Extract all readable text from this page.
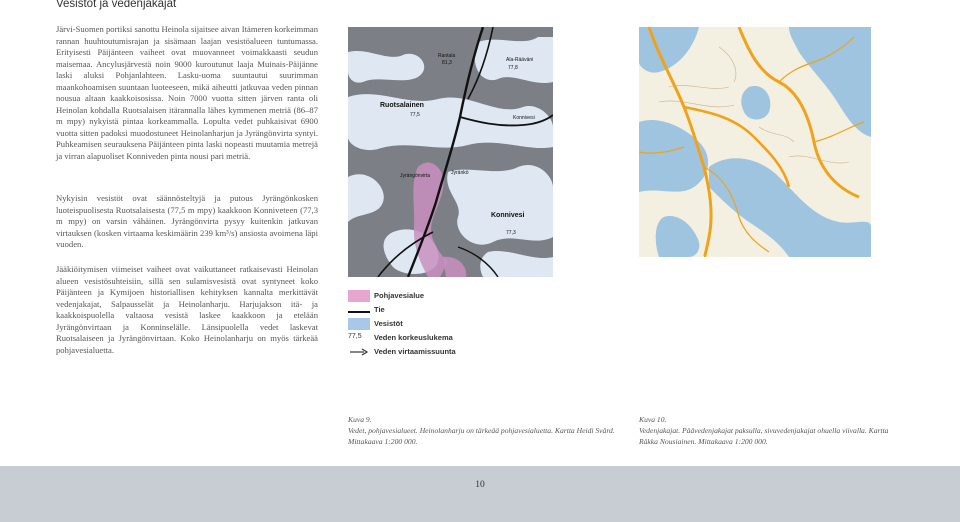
Vesistöt ja vedenjakajat

Järvi-Suomen portiksi sanottu Heinola sijaitsee aivan Itämeren korkeimman rannan huuhtoutumisrajan ja sisämaan laajan vesistöalueen tuntumassa. Erityisesti Päijänteen vaiheet ovat muovanneet voimakkaasti seudun maisemaa. Ancylusjärvestä noin 9000 kuroutunut laaja Muinais-Päijänne laski aluksi Pohjanlahteen. Lasku-uoma suuntautui suurimman maankohoamisen suuntaan luoteeseen, mikä aiheutti jatkuvaa veden pinnan nousua altaan kaakkoisosissa. Noin 7000 vuotta sitten järven ranta oli Heinolan kohdalla Ruotsalaisen itärannalla lähes kymmenen metriä (86–87 m mpy) nykyistä pintaa korkeammalla. Lopulta vedet puhkaisivat 6900 vuotta sitten padoksi muodostuneet Heinolanharjun ja Jyrängönvirta syntyi. Puhkeamisen seurauksena Päijänteen pinta laski nopeasti muutamia metrejä ja virran alapuoliset Konniveden pinta nousi pari metriä.

Nykyisin vesistöt ovat säännösteltyjä ja putous Jyrängönkosken luoteispuolisesta Ruotsalaisesta (77,5 m mpy) kaakkoon Konniveteen (77,3 m mpy) on varsin vähäinen. Jyrängönvirta pysyy kuitenkin jatkuvan virtauksen (kosken virtaama keskimäärin 239 km³/s) ansiosta avoimena läpi vuoden.

Jääkiöitymisen viimeiset vaiheet ovat vaikuttaneet ratkaisevasti Heinolan alueen vesistösuhteisiin, sillä sen sulamisvesistä ovat syntyneet koko Päijänteen ja Kymijoen historiallisen kehityksen kannalta merkittävät vedenjakajat, Salpausselät ja Heinolanharju. Harjujakson itä- ja kaakkoispuolella valtaosa vesistä laskee kaakkoon ja etelään Jyrängönvirtaan ja Konninselälle. Länsipuolella vedet laskevat Ruotsalaiseen ja Jyrängönvirtaan. Koko Heinolanharju on myös tärkeää pohjavesialuetta.

Rantala
81,3	Ala-Rääväni
77,8
Ruotsalainen
77,5	Konnivesi
Jyrängönvirta	Jyränkö
Konnivesi
77,3
Pohjavesialue
Tie
Vesistöt
77,5	Veden korkeuslukema
Veden virtaamissuunta
Kuva 9.
Vedet, pohjavesialueet. Heinolanharju on tärkeää pohjavesialuetta. Kartta Heidi Svärd. Mittakaava 1:200 000.
Kuva 10.
Vedenjakajat. Päävedenjakajat paksulla, sivuvedenjakajat ohuella viivalla. Kartta Räkka Nousiainen. Mittakaava 1:200 000.
10
